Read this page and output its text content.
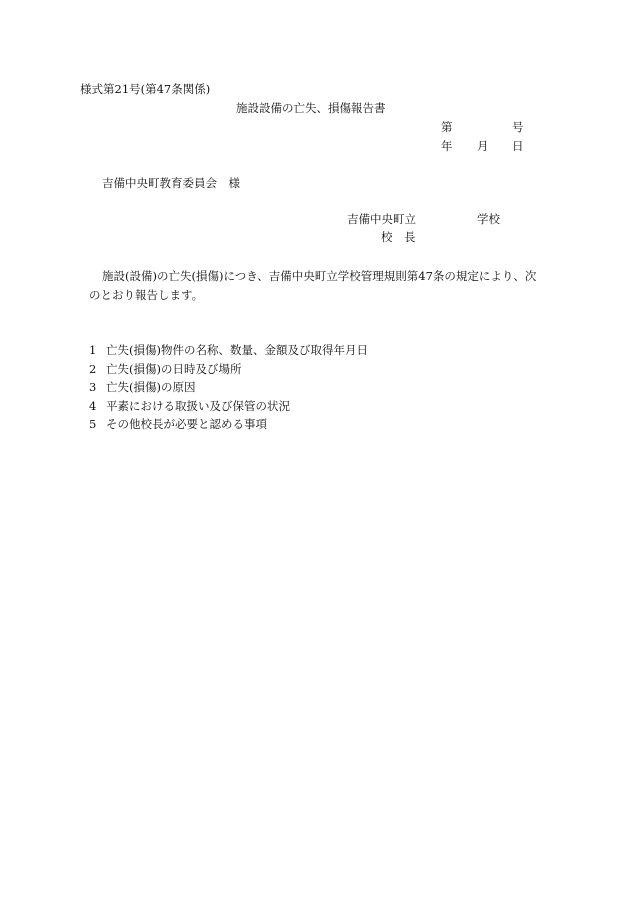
様式第21号(第47条関係)
施設設備の亡失、損傷報告書
第	号
年 月 日
吉備中央町教育委員会　様
吉備中央町立	学校
校　長
施設(設備)の亡失(損傷)につき、吉備中央町立学校管理規則第47条の規定により、次
のとおり報告します。
1 亡失(損傷)物件の名称、数量、金額及び取得年月日
2 亡失(損傷)の日時及び場所
3 亡失(損傷)の原因
4 平素における取扱い及び保管の状況
5 その他校長が必要と認める事項
